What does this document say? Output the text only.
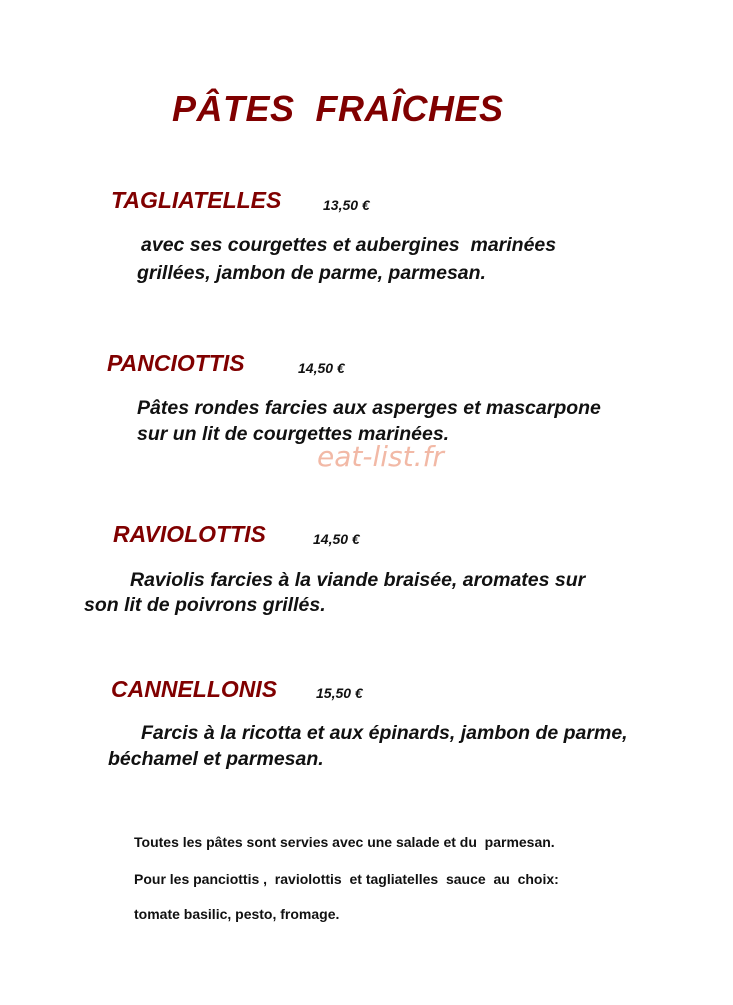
PÂTES  FRAÎCHES
TAGLIATELLES	13,50 €
avec ses courgettes et aubergines  marinées
grillées, jambon de parme, parmesan.
PANCIOTTIS	14,50 €
Pâtes rondes farcies aux asperges et mascarpone
sur un lit de courgettes marinées.
eat-list.fr
RAVIOLOTTIS	14,50 €
Raviolis farcies à la viande braisée, aromates sur
son lit de poivrons grillés.
CANNELLONIS	15,50 €
Farcis à la ricotta et aux épinards, jambon de parme,
béchamel et parmesan.
Toutes les pâtes sont servies avec une salade et du  parmesan.
Pour les panciottis ,  raviolottis  et tagliatelles  sauce  au  choix:
tomate basilic, pesto, fromage.
